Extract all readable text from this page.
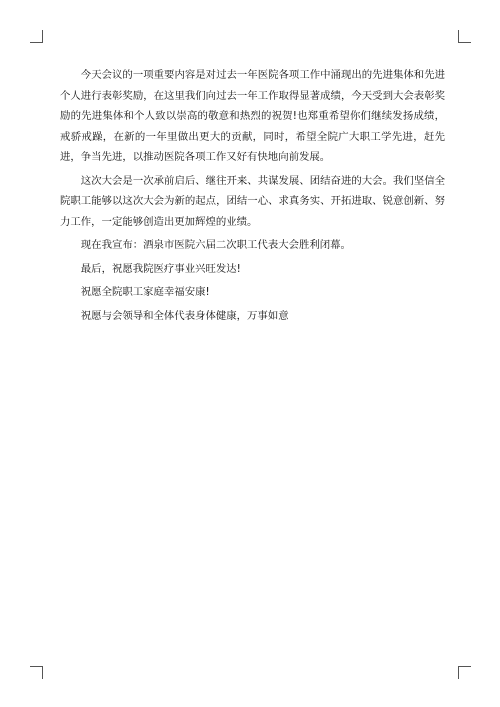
今天会议的一项重要内容是对过去一年医院各项工作中涌现出的先进集体和先进个人进行表彰奖励，在这里我们向过去一年工作取得显著成绩，今天受到大会表彰奖励的先进集体和个人致以崇高的敬意和热烈的祝贺!也郑重希望你们继续发扬成绩，戒骄戒躁，在新的一年里做出更大的贡献，同时，希望全院广大职工学先进，赶先进，争当先进，以推动医院各项工作又好有快地向前发展。

这次大会是一次承前启后、继往开来、共谋发展、团结奋进的大会。我们坚信全院职工能够以这次大会为新的起点，团结一心、求真务实、开拓进取、锐意创新、努力工作，一定能够创造出更加辉煌的业绩。

现在我宣布：酒泉市医院六届二次职工代表大会胜利闭幕。

最后，祝愿我院医疗事业兴旺发达!

祝愿全院职工家庭幸福安康!

祝愿与会领导和全体代表身体健康，万事如意
